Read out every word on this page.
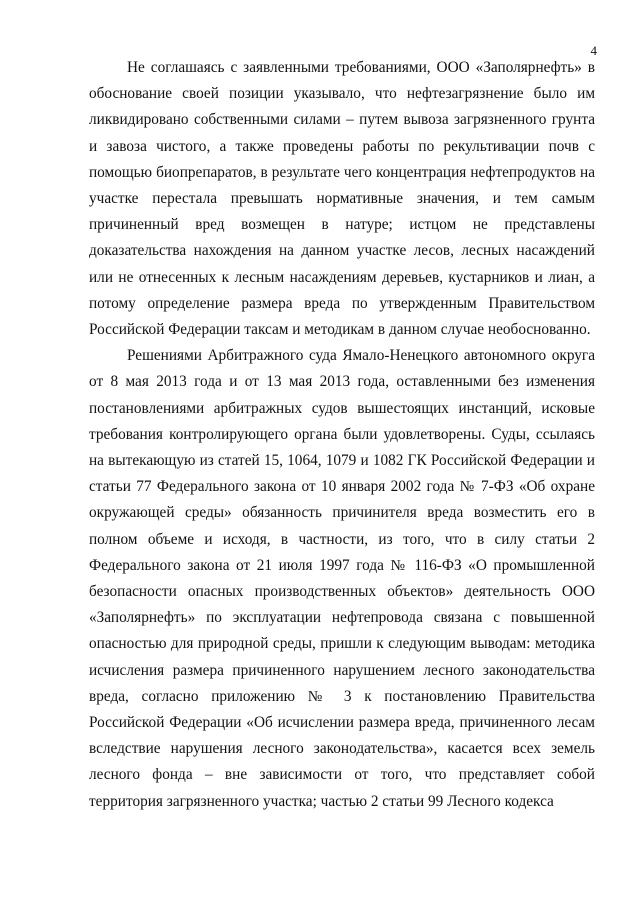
4

Не соглашаясь с заявленными требованиями, ООО «Заполярнефть» в обоснование своей позиции указывало, что нефтезагрязнение было им ликвидировано собственными силами – путем вывоза загрязненного грунта и завоза чистого, а также проведены работы по рекультивации почв с помощью биопрепаратов, в результате чего концентрация нефтепродуктов на участке перестала превышать нормативные значения, и тем самым причиненный вред возмещен в натуре; истцом не представлены доказательства нахождения на данном участке лесов, лесных насаждений или не отнесенных к лесным насаждениям деревьев, кустарников и лиан, а потому определение размера вреда по утвержденным Правительством Российской Федерации таксам и методикам в данном случае необоснованно.

Решениями Арбитражного суда Ямало-Ненецкого автономного округа от 8 мая 2013 года и от 13 мая 2013 года, оставленными без изменения постановлениями арбитражных судов вышестоящих инстанций, исковые требования контролирующего органа были удовлетворены. Суды, ссылаясь на вытекающую из статей 15, 1064, 1079 и 1082 ГК Российской Федерации и статьи 77 Федерального закона от 10 января 2002 года № 7-ФЗ «Об охране окружающей среды» обязанность причинителя вреда возместить его в полном объеме и исходя, в частности, из того, что в силу статьи 2 Федерального закона от 21 июля 1997 года № 116-ФЗ «О промышленной безопасности опасных производственных объектов» деятельность ООО «Заполярнефть» по эксплуатации нефтепровода связана с повышенной опасностью для природной среды, пришли к следующим выводам: методика исчисления размера причиненного нарушением лесного законодательства вреда, согласно приложению № 3 к постановлению Правительства Российской Федерации «Об исчислении размера вреда, причиненного лесам вследствие нарушения лесного законодательства», касается всех земель лесного фонда – вне зависимости от того, что представляет собой территория загрязненного участка; частью 2 статьи 99 Лесного кодекса
